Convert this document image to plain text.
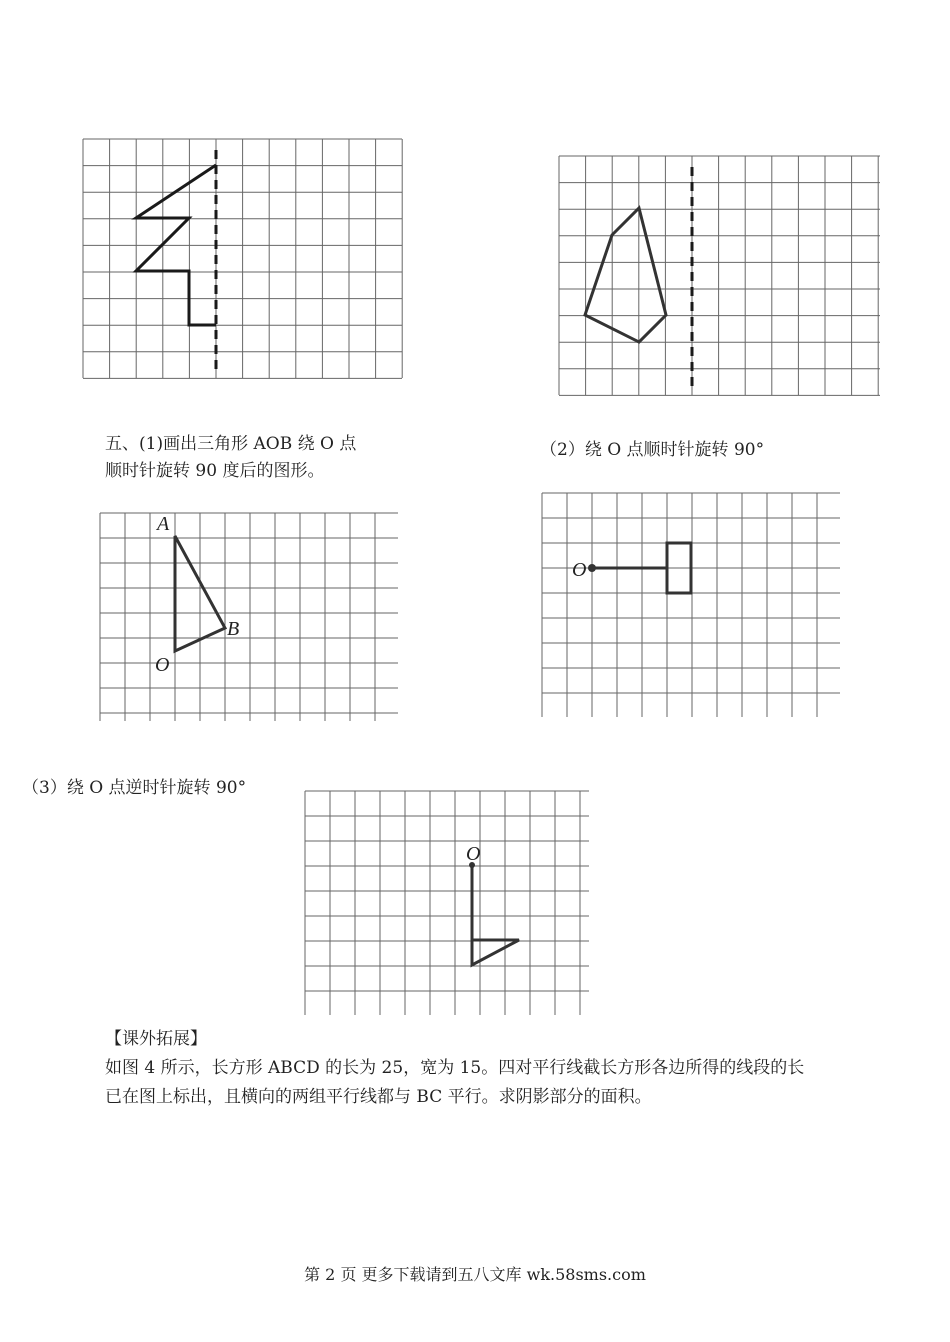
五、(1)画出三角形 AOB 绕 O 点
顺时针旋转 90 度后的图形。
（2）绕 O 点顺时针旋转 90°
A
B
O
O
（3）绕 O 点逆时针旋转 90°
O
【课外拓展】
如图 4 所示，长方形 ABCD 的长为 25，宽为 15。四对平行线截长方形各边所得的线段的长
已在图上标出，且横向的两组平行线都与 BC 平行。求阴影部分的面积。
第 2 页 更多下载请到五八文库 wk.58sms.com
